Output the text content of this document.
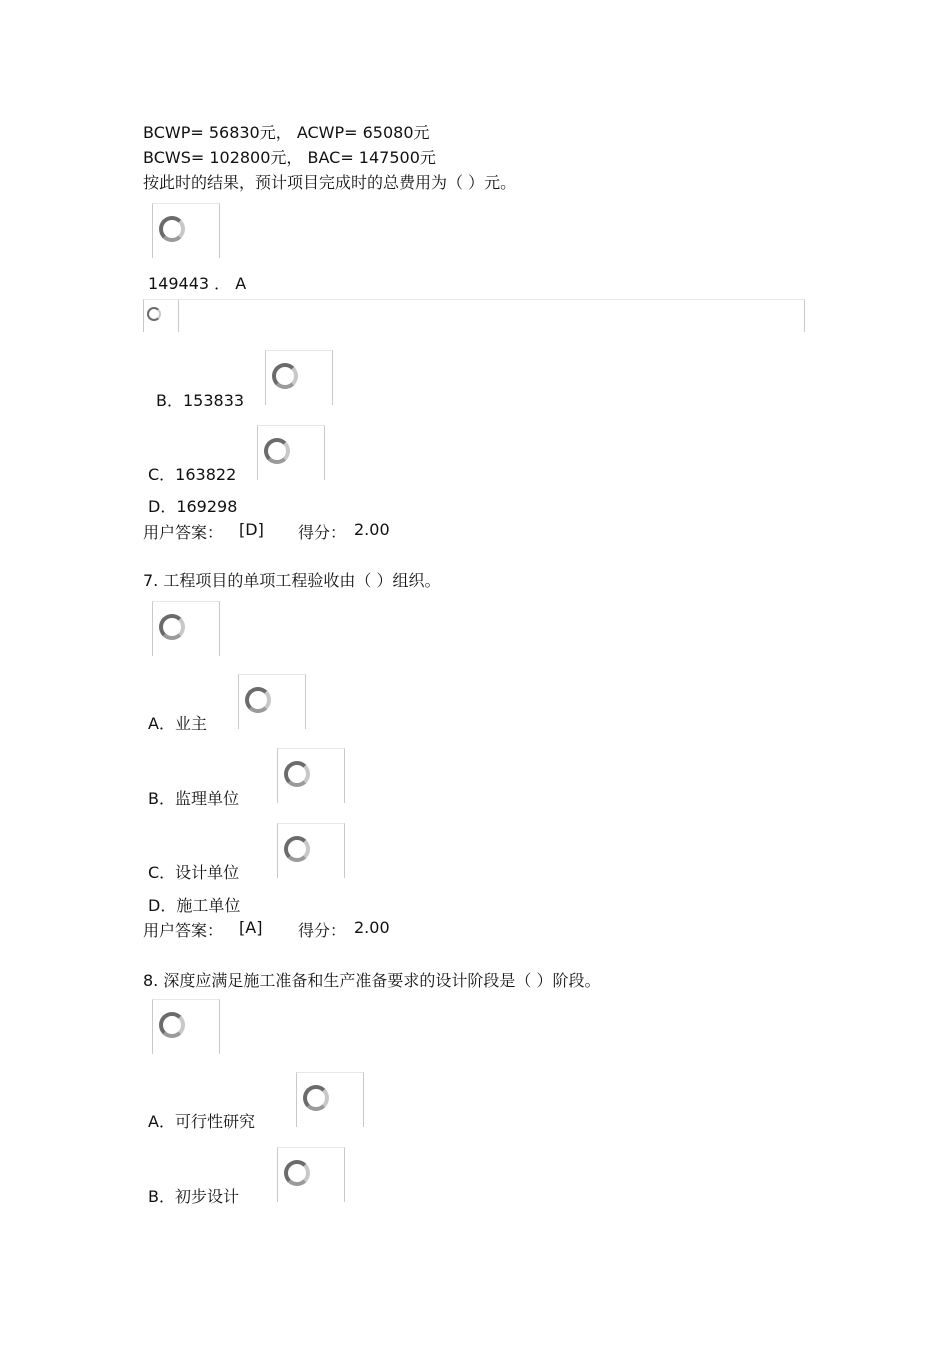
BCWP= 56830元， ACWP= 65080元
BCWS= 102800元， BAC= 147500元
按此时的结果，预计项目完成时的总费用为（ ）元。
149443 ． A
B．153833
C．163822
D．169298
用户答案： [D] 得分： 2.00
7. 工程项目的单项工程验收由（ ）组织。
A．业主
B．监理单位
C．设计单位
D．施工单位
用户答案： [A] 得分： 2.00
8. 深度应满足施工准备和生产准备要求的设计阶段是（ ）阶段。
A．可行性研究
B．初步设计
